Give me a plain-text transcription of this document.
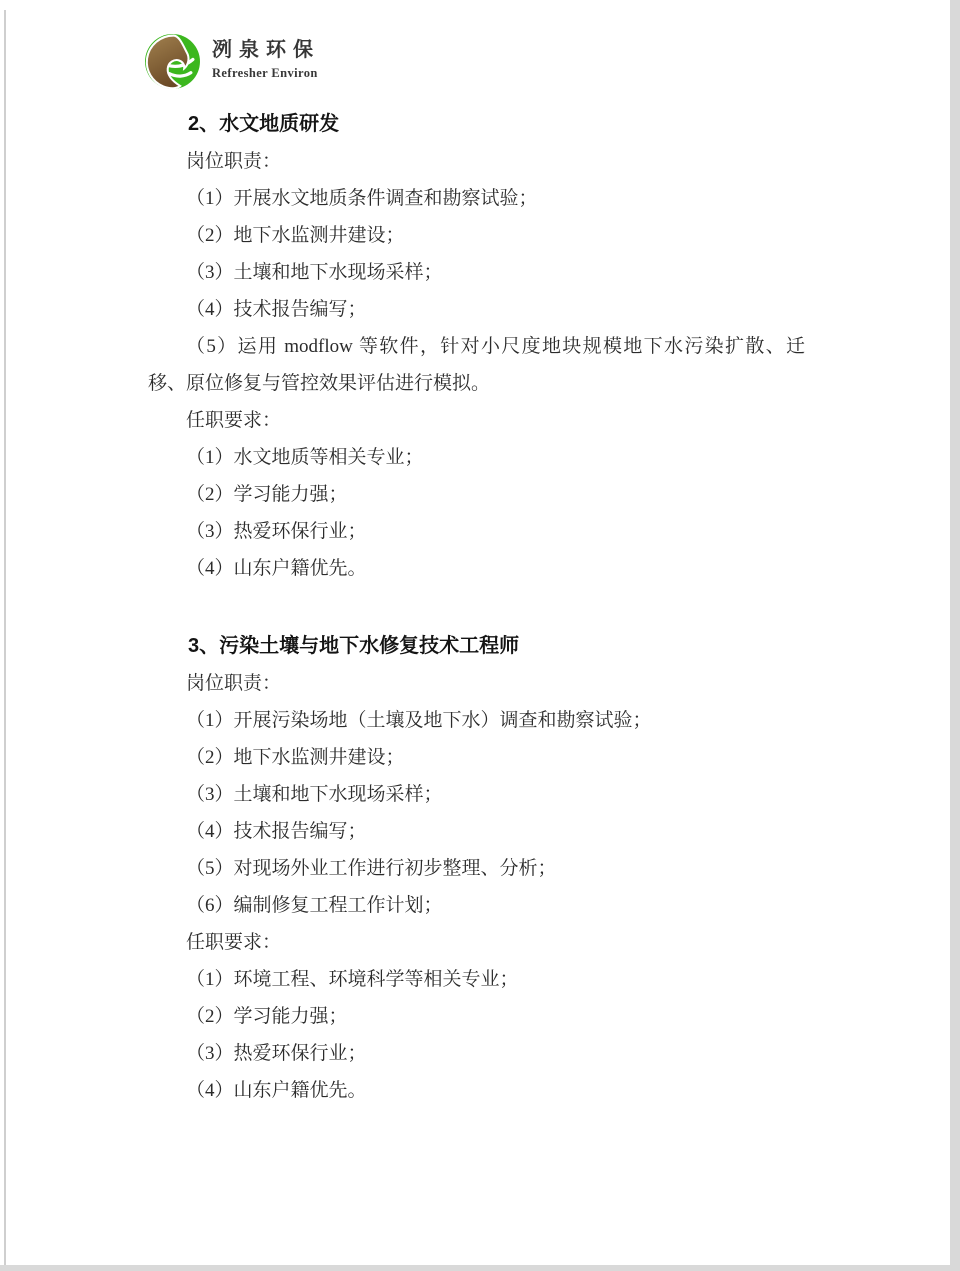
冽泉环保
Refresher Environ
2、水文地质研发

岗位职责：

（1）开展水文地质条件调查和勘察试验；

（2）地下水监测井建设；

（3）土壤和地下水现场采样；

（4）技术报告编写；

（5）运用 modflow 等软件，针对小尺度地块规模地下水污染扩散、迁移、原位修复与管控效果评估进行模拟。

任职要求：

（1）水文地质等相关专业；

（2）学习能力强；

（3）热爱环保行业；

（4）山东户籍优先。

3、污染土壤与地下水修复技术工程师

岗位职责：

（1）开展污染场地（土壤及地下水）调查和勘察试验；

（2）地下水监测井建设；

（3）土壤和地下水现场采样；

（4）技术报告编写；

（5）对现场外业工作进行初步整理、分析；

（6）编制修复工程工作计划；

任职要求：

（1）环境工程、环境科学等相关专业；

（2）学习能力强；

（3）热爱环保行业；

（4）山东户籍优先。
